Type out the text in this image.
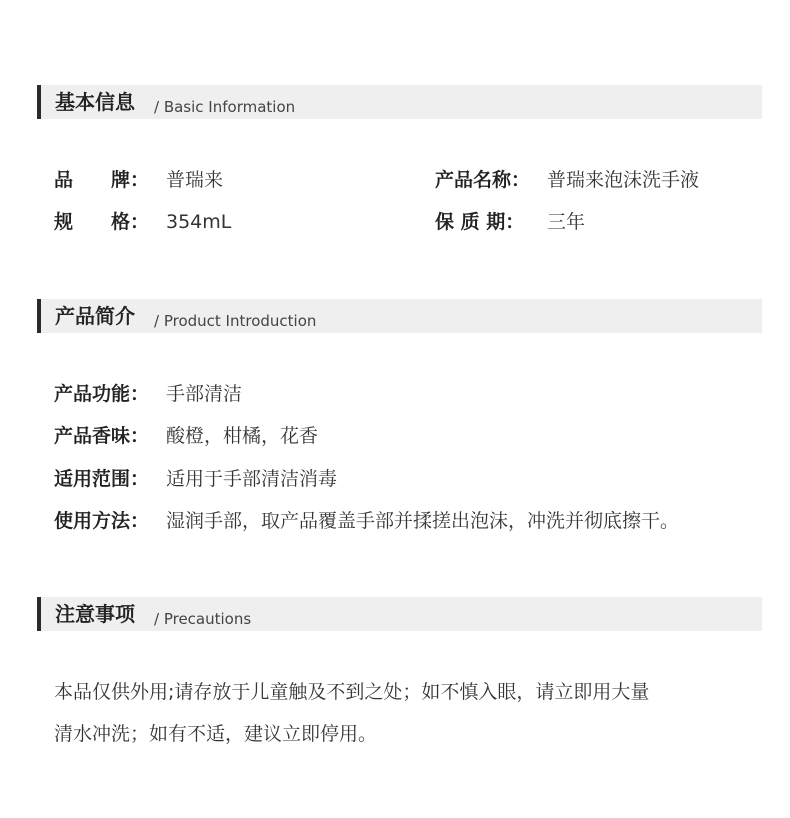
基本信息 / Basic Information
品　　牌： 普瑞来	产品名称： 普瑞来泡沫洗手液
规　　格： 354mL	保 质 期： 三年
产品简介 / Product Introduction
产品功能： 手部清洁
产品香味： 酸橙，柑橘，花香
适用范围： 适用于手部清洁消毒
使用方法： 湿润手部，取产品覆盖手部并揉搓出泡沫，冲洗并彻底擦干。
注意事项 / Precautions
本品仅供外用;请存放于儿童触及不到之处；如不慎入眼，请立即用大量
清水冲洗；如有不适，建议立即停用。
